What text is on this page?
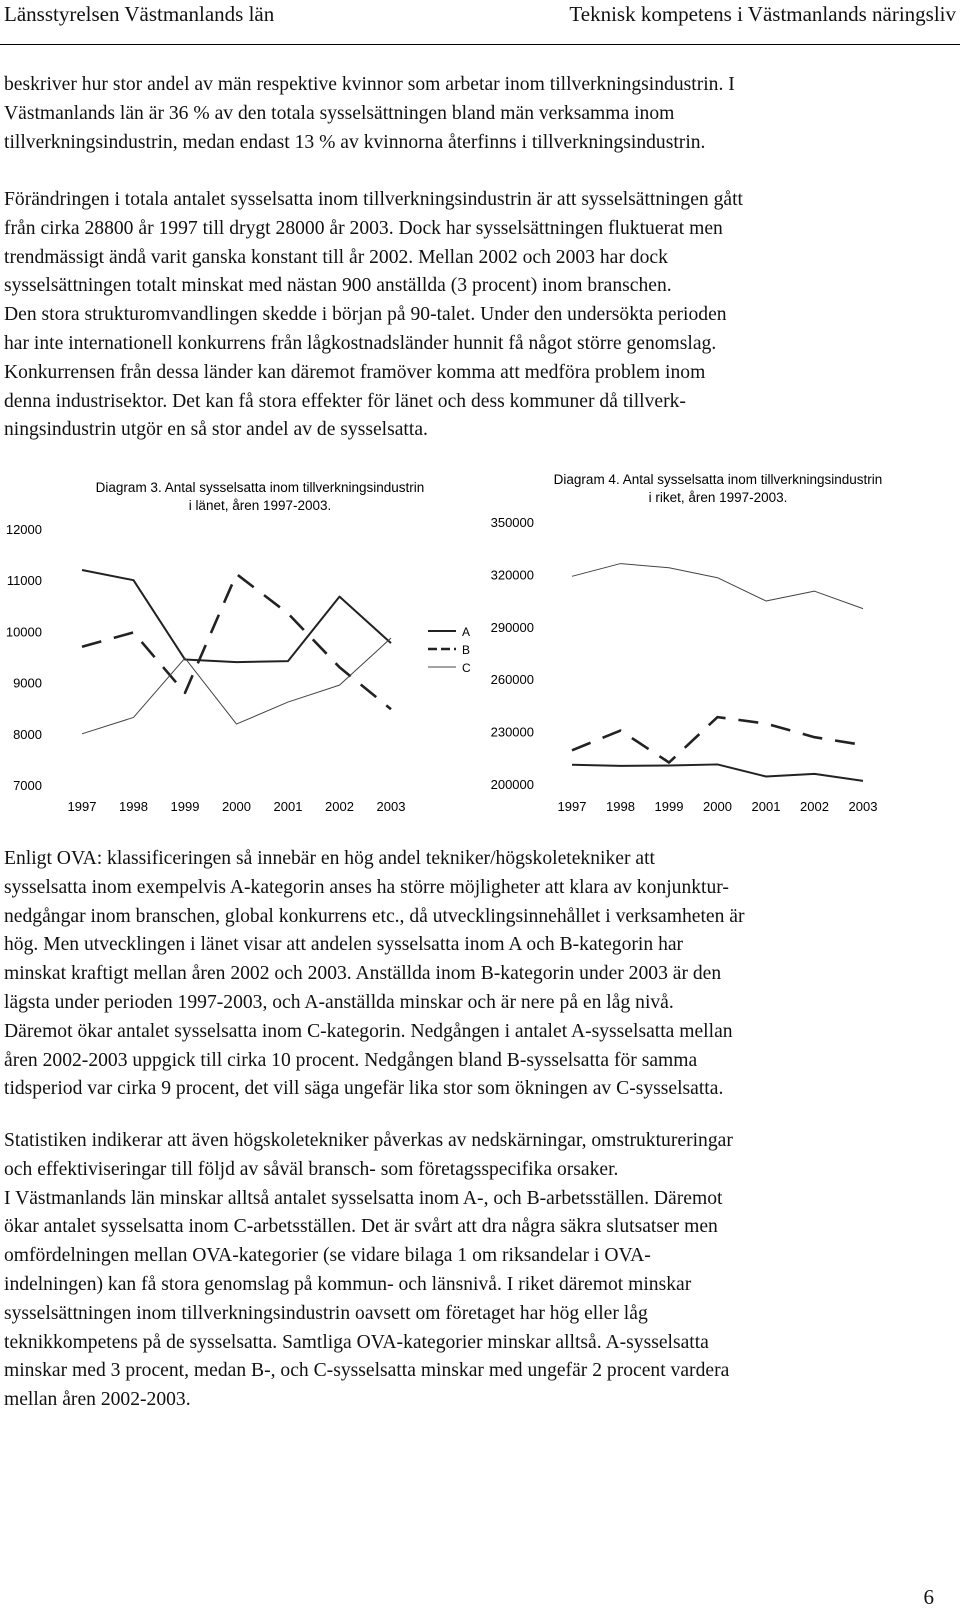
Länsstyrelsen Västmanlands län	Teknisk kompetens i Västmanlands näringsliv
beskriver hur stor andel av män respektive kvinnor som arbetar inom tillverkningsindustrin. I
Västmanlands län är 36 % av den totala sysselsättningen bland män verksamma inom
tillverkningsindustrin, medan endast 13 % av kvinnorna återfinns i tillverkningsindustrin.
Förändringen i totala antalet sysselsatta inom tillverkningsindustrin är att sysselsättningen gått
från cirka 28800 år 1997 till drygt 28000 år 2003. Dock har sysselsättningen fluktuerat men
trendmässigt ändå varit ganska konstant till år 2002. Mellan 2002 och 2003 har dock
sysselsättningen totalt minskat med nästan 900 anställda (3 procent) inom branschen.
Den stora strukturomvandlingen skedde i början på 90-talet. Under den undersökta perioden
har inte internationell konkurrens från lågkostnadsländer hunnit få något större genomslag.
Konkurrensen från dessa länder kan däremot framöver komma att medföra problem inom
denna industrisektor. Det kan få stora effekter för länet och dess kommuner då tillverk-
ningsindustrin utgör en så stor andel av de sysselsatta.
Diagram 3. Antal sysselsatta inom tillverkningsindustrin
i länet, åren 1997-2003.
7000
8000
9000
10000
11000
12000
1997 1998 1999 2000 2001 2002 2003
A
B
C
Diagram 4. Antal sysselsatta inom tillverkningsindustrin
i riket, åren 1997-2003.
200000
230000
260000
290000
320000
350000
1997 1998 1999 2000 2001 2002 2003
Enligt OVA: klassificeringen så innebär en hög andel tekniker/högskoletekniker att
sysselsatta inom exempelvis A-kategorin anses ha större möjligheter att klara av konjunktur-
nedgångar inom branschen, global konkurrens etc., då utvecklingsinnehållet i verksamheten är
hög. Men utvecklingen i länet visar att andelen sysselsatta inom A och B-kategorin har
minskat kraftigt mellan åren 2002 och 2003. Anställda inom B-kategorin under 2003 är den
lägsta under perioden 1997-2003, och A-anställda minskar och är nere på en låg nivå.
Däremot ökar antalet sysselsatta inom C-kategorin. Nedgången i antalet A-sysselsatta mellan
åren 2002-2003 uppgick till cirka 10 procent. Nedgången bland B-sysselsatta för samma
tidsperiod var cirka 9 procent, det vill säga ungefär lika stor som ökningen av C-sysselsatta.
Statistiken indikerar att även högskoletekniker påverkas av nedskärningar, omstruktureringar
och effektiviseringar till följd av såväl bransch- som företagsspecifika orsaker.
I Västmanlands län minskar alltså antalet sysselsatta inom A-, och B-arbetsställen. Däremot
ökar antalet sysselsatta inom C-arbetsställen. Det är svårt att dra några säkra slutsatser men
omfördelningen mellan OVA-kategorier (se vidare bilaga 1 om riksandelar i OVA-
indelningen) kan få stora genomslag på kommun- och länsnivå. I riket däremot minskar
sysselsättningen inom tillverkningsindustrin oavsett om företaget har hög eller låg
teknikkompetens på de sysselsatta. Samtliga OVA-kategorier minskar alltså. A-sysselsatta
minskar med 3 procent, medan B-, och C-sysselsatta minskar med ungefär 2 procent vardera
mellan åren 2002-2003.
6
